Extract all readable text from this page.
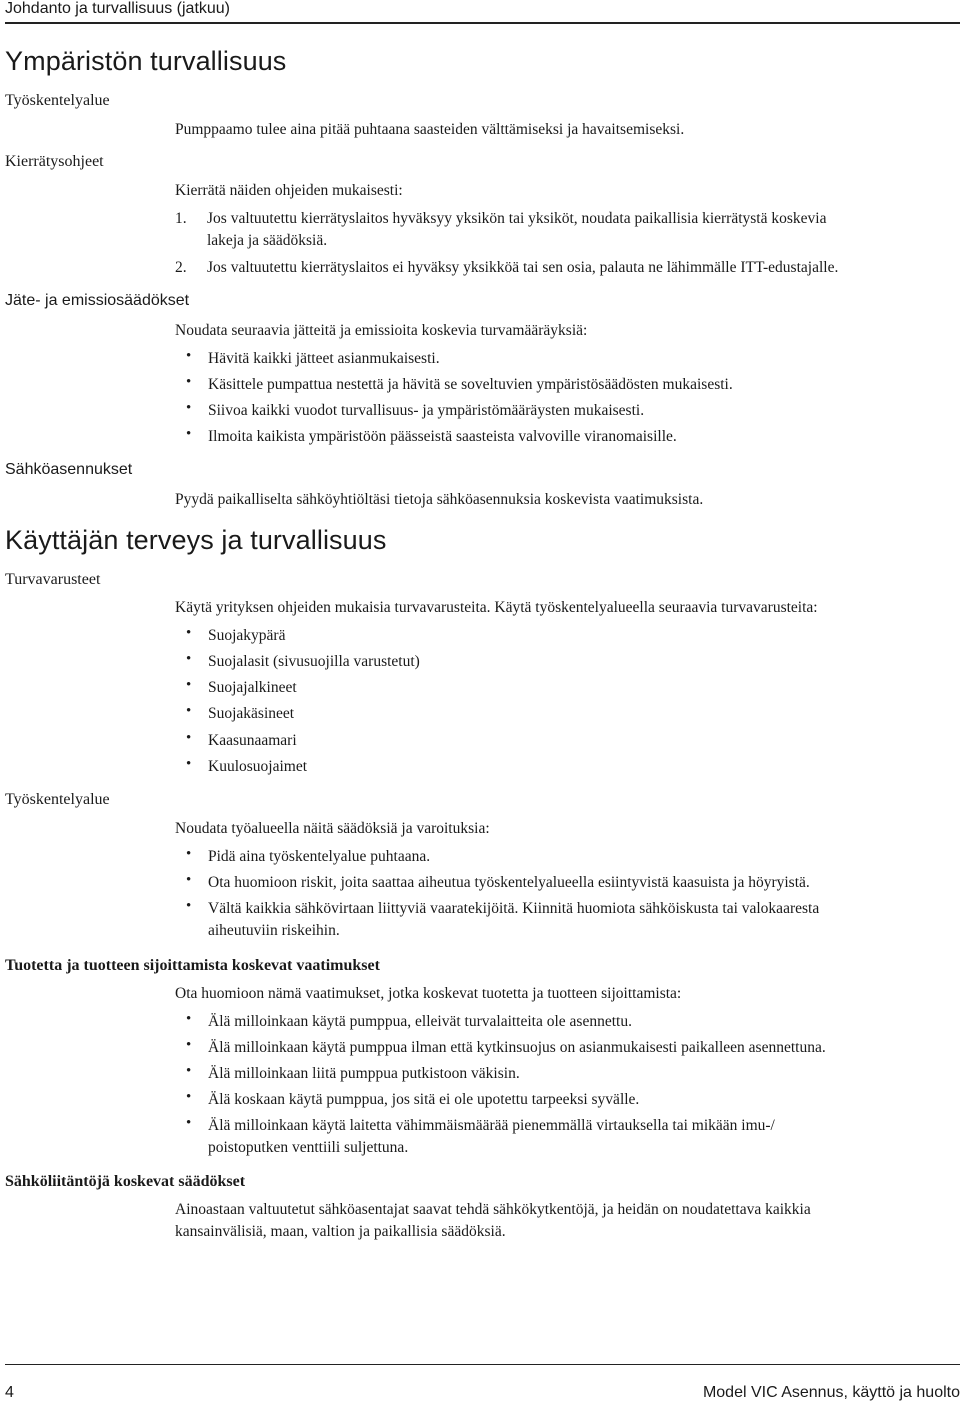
Johdanto ja turvallisuus (jatkuu)
Ympäristön turvallisuus
Työskentelyalue
Pumppaamo tulee aina pitää puhtaana saasteiden välttämiseksi ja havaitsemiseksi.
Kierrätysohjeet
Kierrätä näiden ohjeiden mukaisesti:
1. Jos valtuutettu kierrätyslaitos hyväksyy yksikön tai yksiköt, noudata paikallisia kierrätystä koskevia
lakeja ja säädöksiä.
2. Jos valtuutettu kierrätyslaitos ei hyväksy yksikköä tai sen osia, palauta ne lähimmälle ITT-edustajalle.
Jäte- ja emissiosäädökset
Noudata seuraavia jätteitä ja emissioita koskevia turvamääräyksiä:
• Hävitä kaikki jätteet asianmukaisesti.
• Käsittele pumpattua nestettä ja hävitä se soveltuvien ympäristösäädösten mukaisesti.
• Siivoa kaikki vuodot turvallisuus- ja ympäristömääräysten mukaisesti.
• Ilmoita kaikista ympäristöön päässeistä saasteista valvoville viranomaisille.
Sähköasennukset
Pyydä paikalliselta sähköyhtiöltäsi tietoja sähköasennuksia koskevista vaatimuksista.
Käyttäjän terveys ja turvallisuus
Turvavarusteet
Käytä yrityksen ohjeiden mukaisia turvavarusteita. Käytä työskentelyalueella seuraavia turvavarusteita:
• Suojakypärä
• Suojalasit (sivusuojilla varustetut)
• Suojajalkineet
• Suojakäsineet
• Kaasunaamari
• Kuulosuojaimet
Työskentelyalue
Noudata työalueella näitä säädöksiä ja varoituksia:
• Pidä aina työskentelyalue puhtaana.
• Ota huomioon riskit, joita saattaa aiheutua työskentelyalueella esiintyvistä kaasuista ja höyryistä.
• Vältä kaikkia sähkövirtaan liittyviä vaaratekijöitä. Kiinnitä huomiota sähköiskusta tai valokaaresta
aiheutuviin riskeihin.
Tuotetta ja tuotteen sijoittamista koskevat vaatimukset
Ota huomioon nämä vaatimukset, jotka koskevat tuotetta ja tuotteen sijoittamista:
• Älä milloinkaan käytä pumppua, elleivät turvalaitteita ole asennettu.
• Älä milloinkaan käytä pumppua ilman että kytkinsuojus on asianmukaisesti paikalleen asennettuna.
• Älä milloinkaan liitä pumppua putkistoon väkisin.
• Älä koskaan käytä pumppua, jos sitä ei ole upotettu tarpeeksi syvälle.
• Älä milloinkaan käytä laitetta vähimmäismäärää pienemmällä virtauksella tai mikään imu-/
poistoputken venttiili suljettuna.
Sähköliitäntöjä koskevat säädökset
Ainoastaan valtuutetut sähköasentajat saavat tehdä sähkökytkentöjä, ja heidän on noudatettava kaikkia
kansainvälisiä, maan, valtion ja paikallisia säädöksiä.
4	Model VIC Asennus, käyttö ja huolto
